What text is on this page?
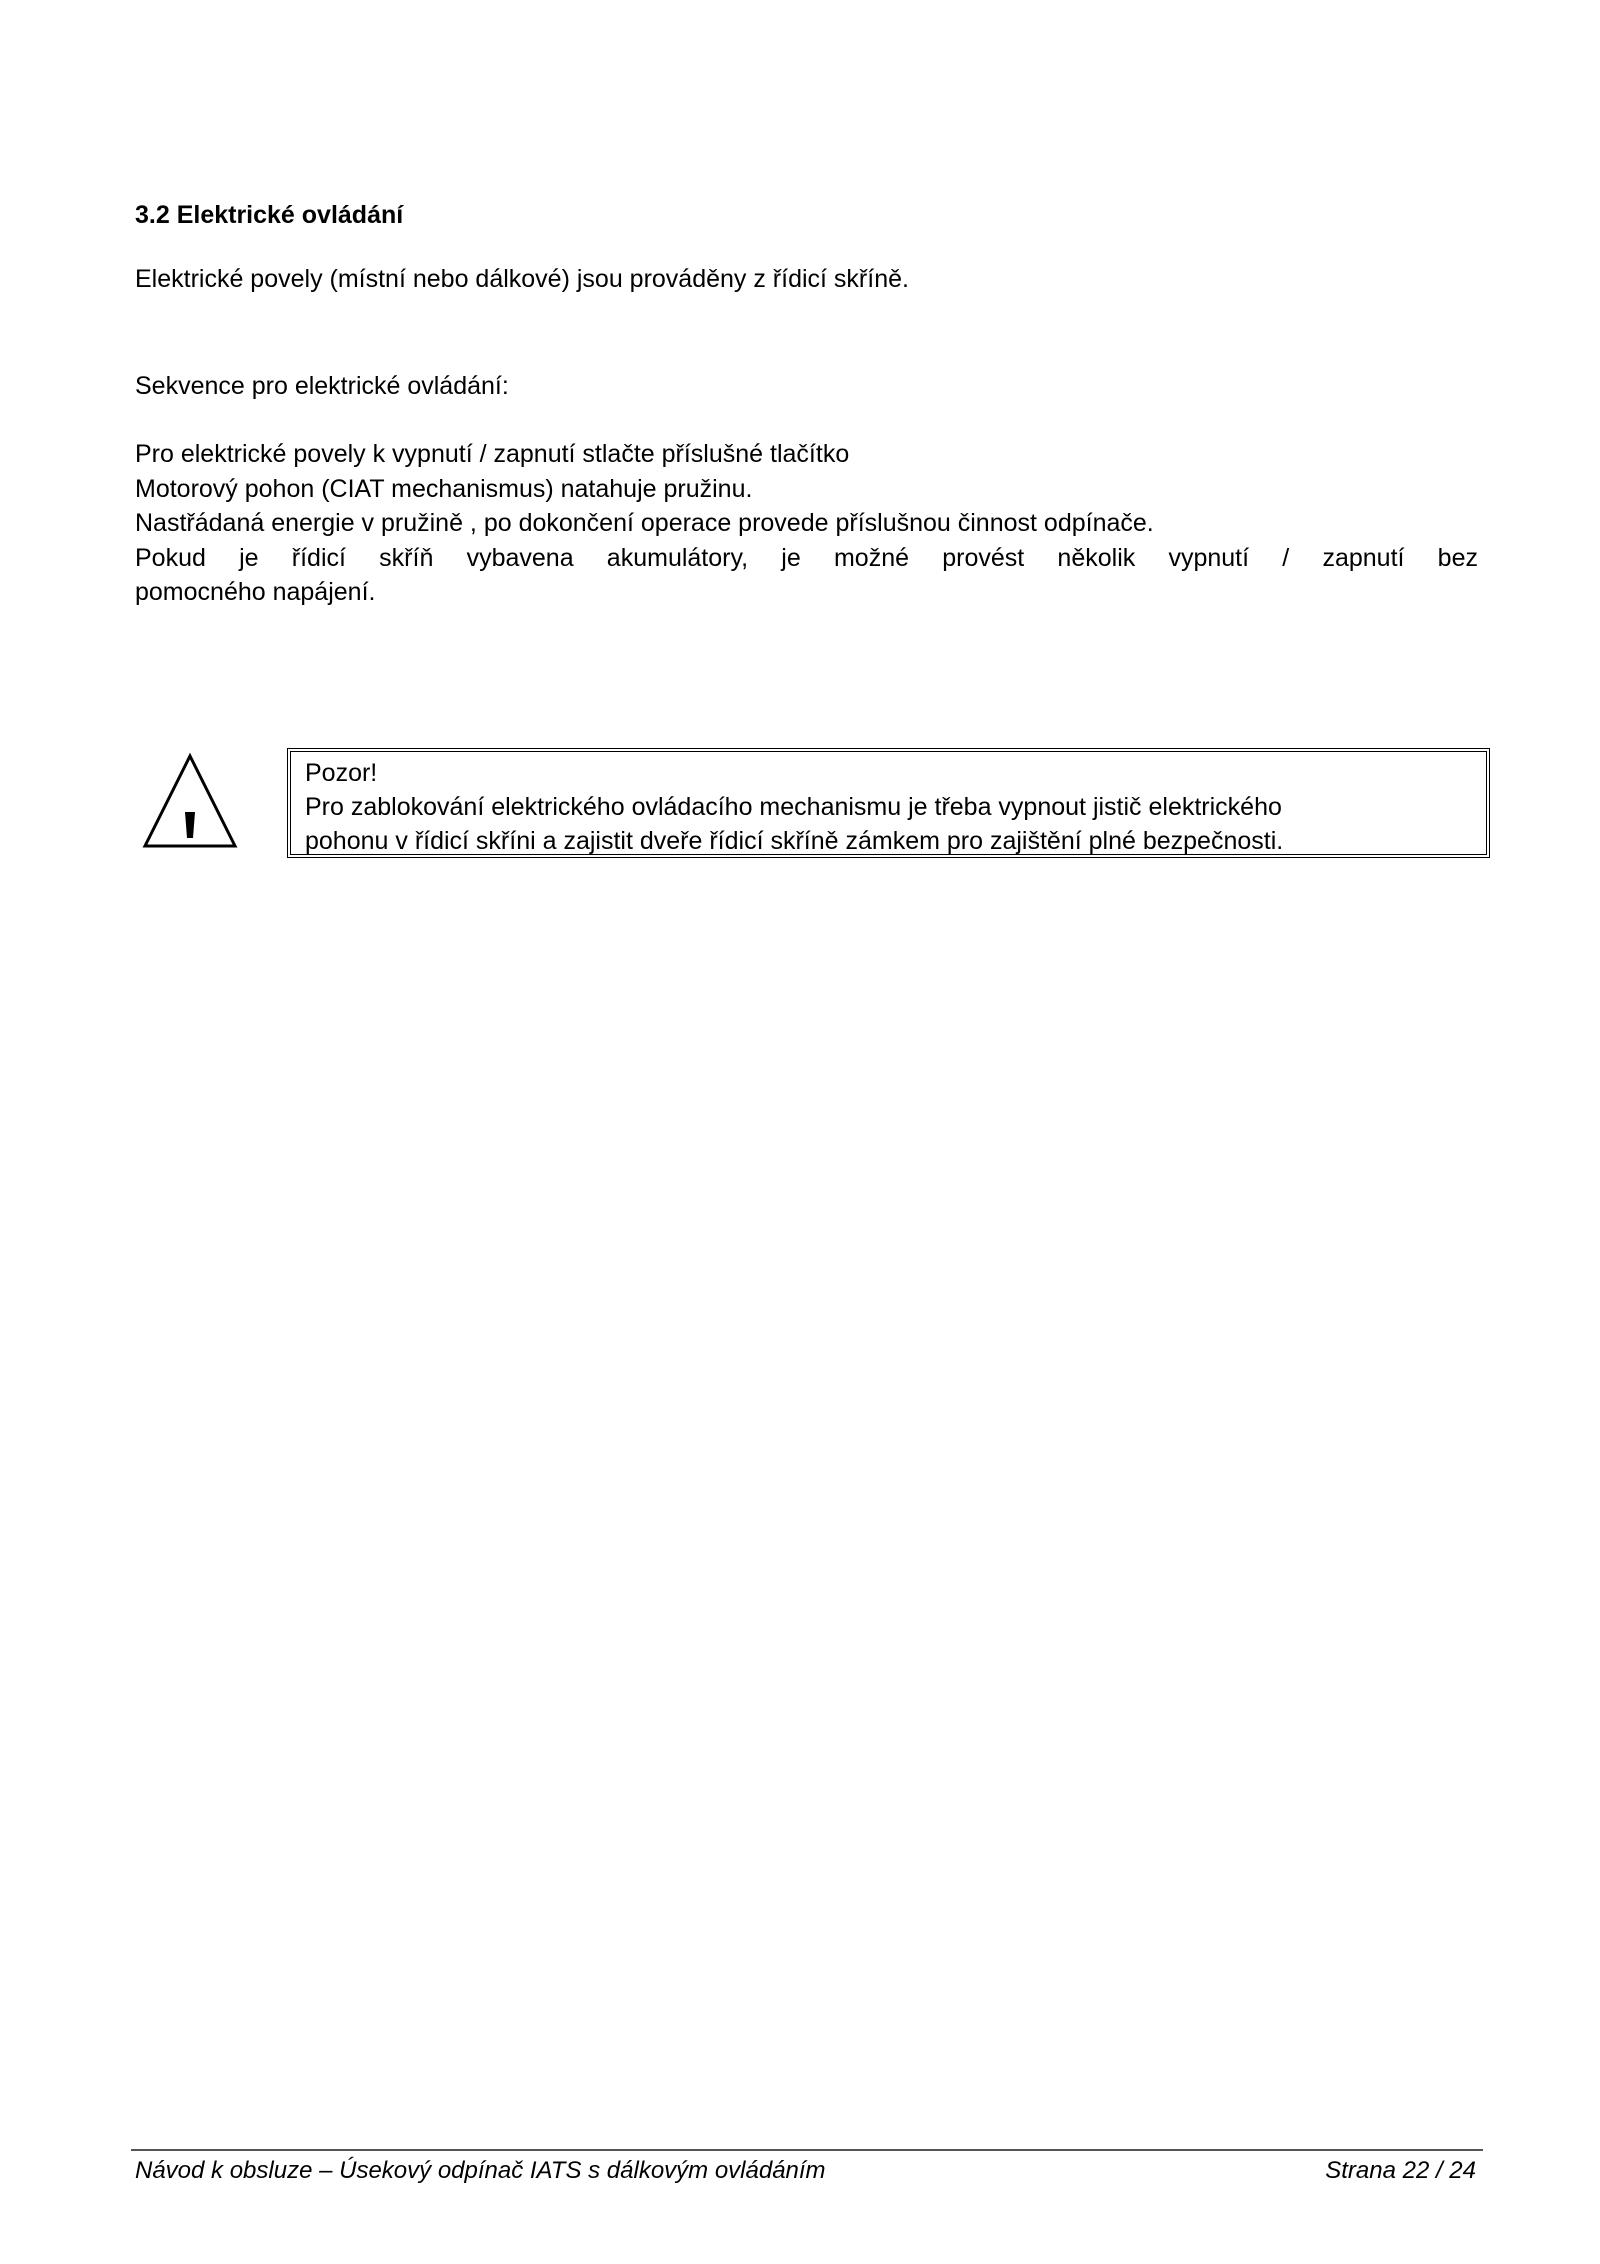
3.2 Elektrické ovládání
Elektrické povely (místní nebo dálkové) jsou prováděny z řídicí skříně.
Sekvence pro elektrické ovládání:
Pro elektrické povely k vypnutí / zapnutí stlačte příslušné tlačítko
Motorový pohon (CIAT mechanismus) natahuje pružinu.
Nastřádaná energie v pružině , po dokončení operace provede příslušnou činnost odpínače.
Pokud je řídicí skříň vybavena akumulátory, je možné provést několik vypnutí / zapnutí bez
pomocného napájení.
Pozor!
Pro zablokování elektrického ovládacího mechanismu je třeba vypnout jistič elektrického
pohonu v řídicí skříni a zajistit dveře řídicí skříně zámkem pro zajištění plné bezpečnosti.
Návod k obsluze – Úsekový odpínač IATS s dálkovým ovládáním	Strana 22 / 24
